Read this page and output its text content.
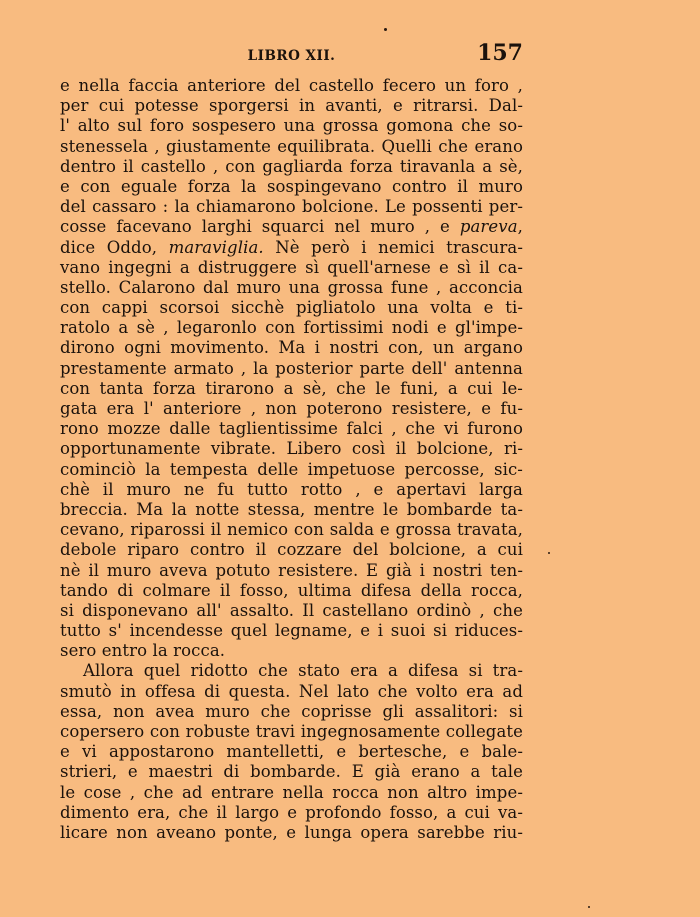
LIBRO XII.	157
e nella faccia anteriore del castello fecero un foro ,
per cui potesse sporgersi in avanti, e ritrarsi. Dal-
l' alto sul foro sospesero una grossa gomona che so-
stenessela , giustamente equilibrata. Quelli che erano
dentro il castello , con gagliarda forza tiravanla a sè,
e con eguale forza la sospingevano contro il muro
del cassaro : la chiamarono bolcione. Le possenti per-
cosse facevano larghi squarci nel muro , e pareva,
dice Oddo, maraviglia. Nè però i nemici trascura-
vano ingegni a distruggere sì quell'arnese e sì il ca-
stello. Calarono dal muro una grossa fune , acconcia
con cappi scorsoi sicchè pigliatolo una volta e ti-
ratolo a sè , legaronlo con fortissimi nodi e gl'impe-
dirono ogni movimento. Ma i nostri con, un argano
prestamente armato , la posterior parte dell' antenna
con tanta forza tirarono a sè, che le funi, a cui le-
gata era l' anteriore , non poterono resistere, e fu-
rono mozze dalle taglientissime falci , che vi furono
opportunamente vibrate. Libero così il bolcione, ri-
cominciò la tempesta delle impetuose percosse, sic-
chè il muro ne fu tutto rotto , e apertavi larga
breccia. Ma la notte stessa, mentre le bombarde ta-
cevano, riparossi il nemico con salda e grossa travata,
debole riparo contro il cozzare del bolcione, a cui
nè il muro aveva potuto resistere. E già i nostri ten-
tando di colmare il fosso, ultima difesa della rocca,
si disponevano all' assalto. Il castellano ordinò , che
tutto s' incendesse quel legname, e i suoi si riduces-
sero entro la rocca.
Allora quel ridotto che stato era a difesa si tra-
smutò in offesa di questa. Nel lato che volto era ad
essa, non avea muro che coprisse gli assalitori: si
copersero con robuste travi ingegnosamente collegate
e vi appostarono mantelletti, e bertesche, e bale-
strieri, e maestri di bombarde. E già erano a tale
le cose , che ad entrare nella rocca non altro impe-
dimento era, che il largo e profondo fosso, a cui va-
licare non aveano ponte, e lunga opera sarebbe riu-
